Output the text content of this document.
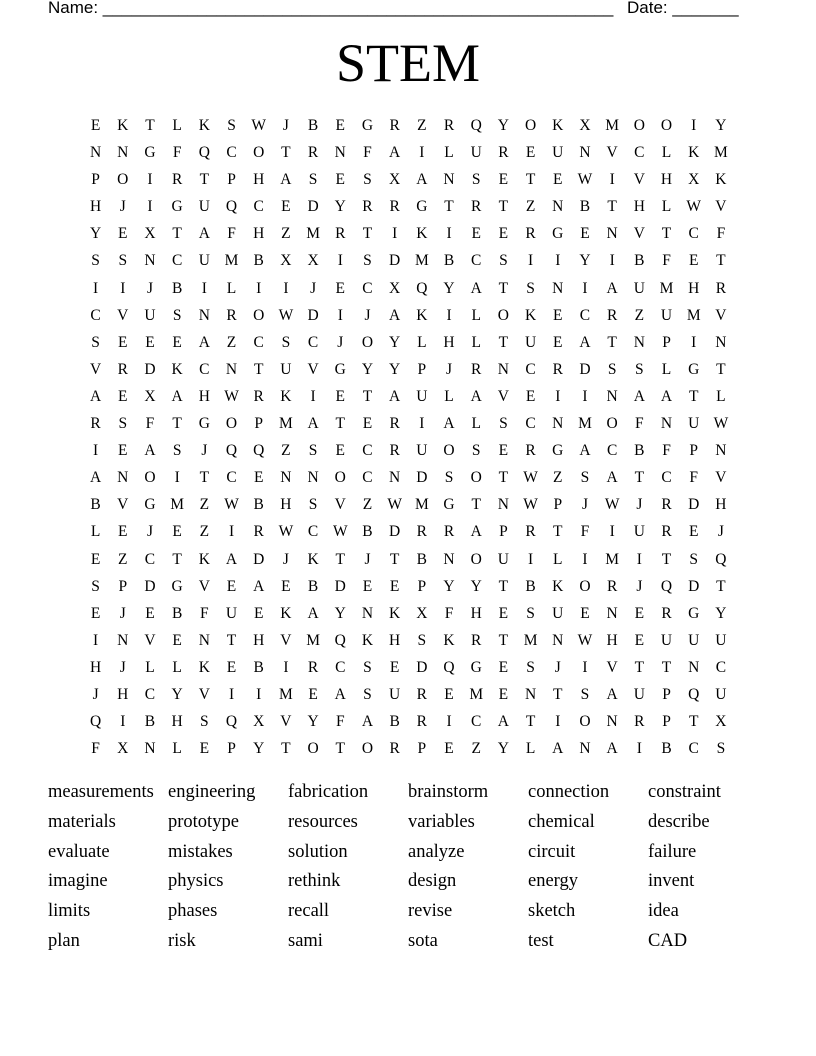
Name: ______________________________________________________ Date: _______
STEM
E	K	T	L	K	S	W	J	B	E	G	R	Z	R	Q	Y	O	K	X M O	O	I	Y
N	N	G	F	Q	C	O	T	R	N	F	A	I	L	U	R	E	U	N	V	C	L	K M
P	O	I	R	T	P	H	A	S	E	S	X	A	N	S	E	T	E W	I	V	H	X	K
H	J	I	G	U	Q	C	E	D	Y	R	R	G	T	R	T	Z	N	B	T	H	L W V
Y	E	X	T	A	F	H	Z	M R	T	I	K	I	E	E	R	G	E	N	V	T	C	F
S	S	N	C	U M B	X	X	I	S	D M B	C	S	I	I	Y	I	B	F	E	T
I	I	J	B	I	L	I	I	J	E	C	X	Q	Y	A	T	S	N	I	A	U M H	R
C	V	U	S	N	R	O W D	I	J	A	K	I	L	O	K	E	C	R	Z	U M V
S	E	E	E	A	Z	C	S	C	J	O	Y	L	H	L	T	U	E	A	T	N	P	I	N
V	R	D	K	C	N	T	U	V	G	Y	Y	P	J	R	N	C	R	D	S	S	L	G	T
A	E	X	A	H W R	K	I	E	T	A	U	L	A	V	E	I	I	N	A	A	T	L
R	S	F	T	G	O	P	M A	T	E	R	I	A	L	S	C	N M O	F	N	U W
I	E	A	S	J	Q	Q	Z	S	E	C	R	U	O	S	E	R	G	A	C	B	F	P	N
A	N	O	I	T	C	E	N	N	O	C	N	D	S	O	T W Z	S	A	T	C	F	V
B	V	G M	Z W B	H	S	V	Z W M G	T	N W	P	J	W	J	R	D	H
L	E	J	E	Z	I	R W C W B	D	R	R	A	P	R	T	F	I	U	R	E	J
E	Z	C	T	K	A	D	J	K	T	J	T	B	N	O	U	I	L	I	M	I	T	S	Q
S	P	D	G	V	E	A	E	B	D	E	E	P	Y	Y	T	B	K	O	R	J	Q	D	T
E	J	E	B	F	U	E	K	A	Y	N	K	X	F	H	E	S	U	E	N	E	R	G	Y
I	N	V	E	N	T	H	V M Q	K	H	S	K	R	T	M N W H	E	U	U	U
H	J	L	L	K	E	B	I	R	C	S	E	D	Q	G	E	S	J	I	V	T	T	N	C
J	H	C	Y	V	I	I	M	E	A	S	U	R	E	M	E	N	T	S	A	U	P	Q	U
Q	I	B	H	S	Q	X	V	Y	F	A	B	R	I	C	A	T	I	O	N	R	P	T	X
F	X	N	L	E	P	Y	T	O	T	O	R	P	E	Z	Y	L	A	N	A	I	B	C	S
measurements engineering	fabrication	brainstorm	connection	constraint
materials	prototype	resources	variables	chemical	describe
evaluate	mistakes	solution	analyze	circuit	failure
imagine	physics	rethink	design	energy	invent
limits	phases	recall	revise	sketch	idea
plan	risk	sami	sota	test	CAD
